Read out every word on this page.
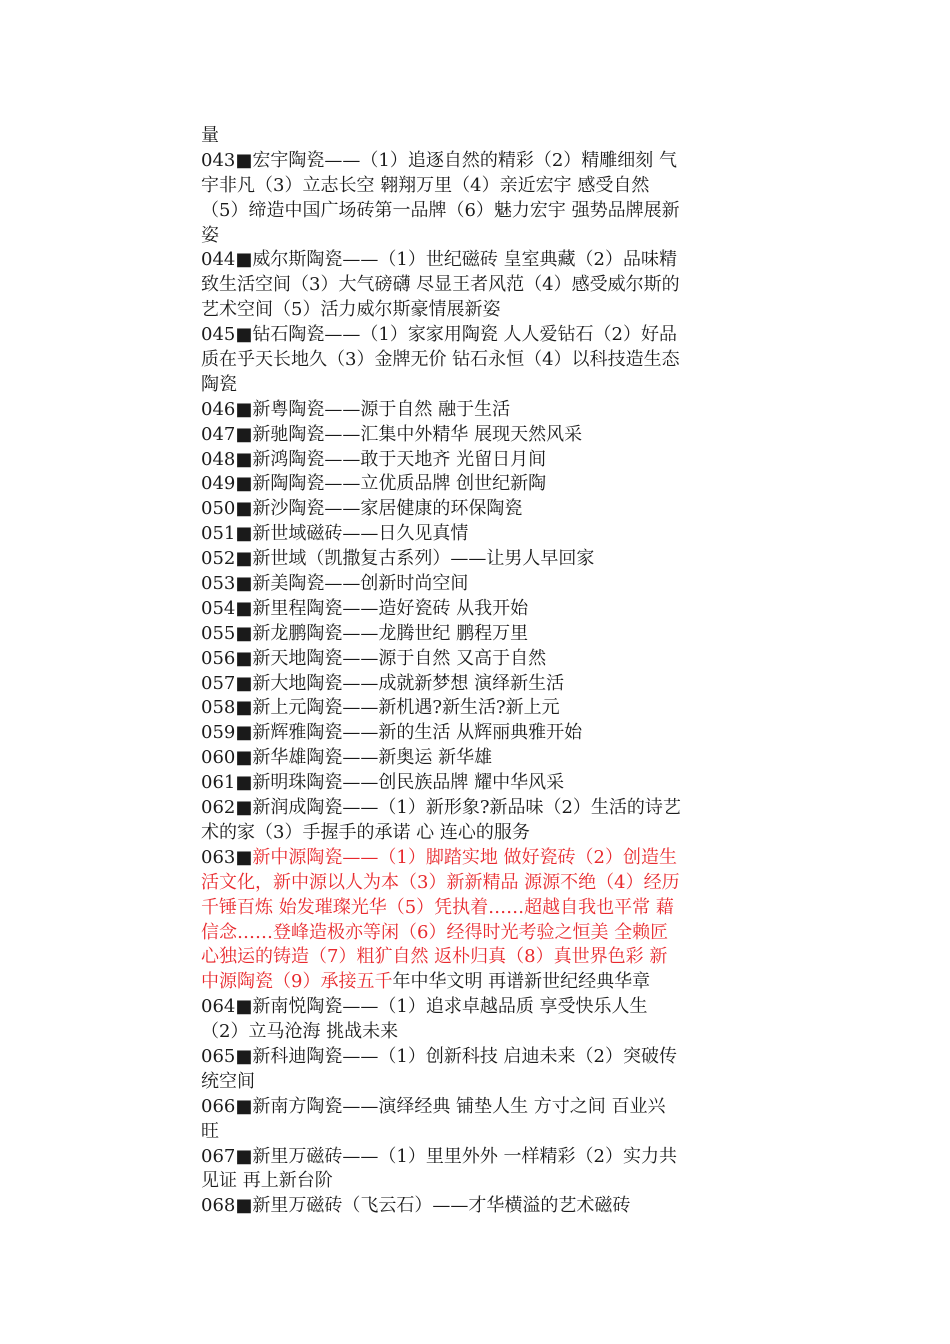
量
043■宏宇陶瓷——（1）追逐自然的精彩（2）精雕细刻 气
宇非凡（3）立志长空 翱翔万里（4）亲近宏宇 感受自然
（5）缔造中国广场砖第一品牌（6）魅力宏宇 强势品牌展新
姿
044■威尔斯陶瓷——（1）世纪磁砖 皇室典藏（2）品味精
致生活空间（3）大气磅礴 尽显王者风范（4）感受威尔斯的
艺术空间（5）活力威尔斯豪情展新姿
045■钻石陶瓷——（1）家家用陶瓷 人人爱钻石（2）好品
质在乎天长地久（3）金牌无价 钻石永恒（4）以科技造生态
陶瓷
046■新粤陶瓷——源于自然 融于生活
047■新驰陶瓷——汇集中外精华 展现天然风采
048■新鸿陶瓷——敢于天地齐 光留日月间
049■新陶陶瓷——立优质品牌 创世纪新陶
050■新沙陶瓷——家居健康的环保陶瓷
051■新世域磁砖——日久见真情
052■新世域（凯撒复古系列）——让男人早回家
053■新美陶瓷——创新时尚空间
054■新里程陶瓷——造好瓷砖 从我开始
055■新龙鹏陶瓷——龙腾世纪 鹏程万里
056■新天地陶瓷——源于自然 又高于自然
057■新大地陶瓷——成就新梦想 演绎新生活
058■新上元陶瓷——新机遇?新生活?新上元
059■新辉雅陶瓷——新的生活 从辉丽典雅开始
060■新华雄陶瓷——新奥运 新华雄
061■新明珠陶瓷——创民族品牌 耀中华风采
062■新润成陶瓷——（1）新形象?新品味（2）生活的诗艺
术的家（3）手握手的承诺 心 连心的服务
063■新中源陶瓷——（1）脚踏实地 做好瓷砖（2）创造生
活文化，新中源以人为本（3）新新精品 源源不绝（4）经历
千锤百炼 始发璀璨光华（5）凭执着……超越自我也平常 藉
信念……登峰造极亦等闲（6）经得时光考验之恒美 全赖匠
心独运的铸造（7）粗犷自然 返朴归真（8）真世界色彩 新
中源陶瓷（9）承接五千年中华文明 再谱新世纪经典华章
064■新南悦陶瓷——（1）追求卓越品质 享受快乐人生
（2）立马沧海 挑战未来
065■新科迪陶瓷——（1）创新科技 启迪未来（2）突破传
统空间
066■新南方陶瓷——演绎经典 铺垫人生 方寸之间 百业兴
旺
067■新里万磁砖——（1）里里外外 一样精彩（2）实力共
见证 再上新台阶
068■新里万磁砖（飞云石）——才华横溢的艺术磁砖
